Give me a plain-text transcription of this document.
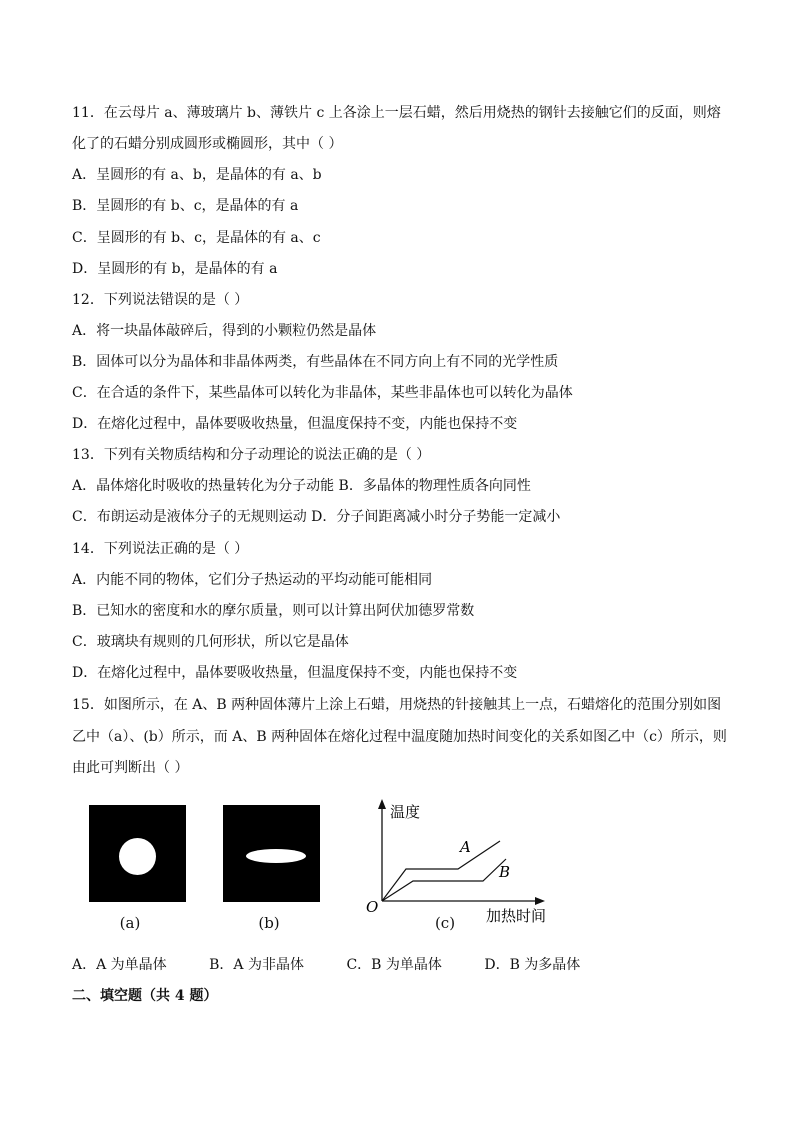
11．在云母片 a、薄玻璃片 b、薄铁片 c 上各涂上一层石蜡，然后用烧热的钢针去接触它们的反面，则熔
化了的石蜡分别成圆形或椭圆形，其中（ ）
A．呈圆形的有 a、b，是晶体的有 a、b
B．呈圆形的有 b、c，是晶体的有 a
C．呈圆形的有 b、c，是晶体的有 a、c
D．呈圆形的有 b，是晶体的有 a
12．下列说法错误的是（ ）
A．将一块晶体敲碎后，得到的小颗粒仍然是晶体
B．固体可以分为晶体和非晶体两类，有些晶体在不同方向上有不同的光学性质
C．在合适的条件下，某些晶体可以转化为非晶体，某些非晶体也可以转化为晶体
D．在熔化过程中，晶体要吸收热量，但温度保持不变，内能也保持不变
13．下列有关物质结构和分子动理论的说法正确的是（ ）
A．晶体熔化时吸收的热量转化为分子动能 B．多晶体的物理性质各向同性
C．布朗运动是液体分子的无规则运动 D．分子间距离减小时分子势能一定减小
14．下列说法正确的是（ ）
A．内能不同的物体，它们分子热运动的平均动能可能相同
B．已知水的密度和水的摩尔质量，则可以计算出阿伏加德罗常数
C．玻璃块有规则的几何形状，所以它是晶体
D．在熔化过程中，晶体要吸收热量，但温度保持不变，内能也保持不变
15．如图所示，在 A、B 两种固体薄片上涂上石蜡，用烧热的针接触其上一点，石蜡熔化的范围分别如图
乙中（a）、(b）所示，而 A、B 两种固体在熔化过程中温度随加热时间变化的关系如图乙中（c）所示，则
由此可判断出（ ）
(a)	(b)
温度
加热时间
O
A
B
(c)
A．A 为单晶体	B．A 为非晶体	C．B 为单晶体	D．B 为多晶体
二、填空题（共 4 题）
